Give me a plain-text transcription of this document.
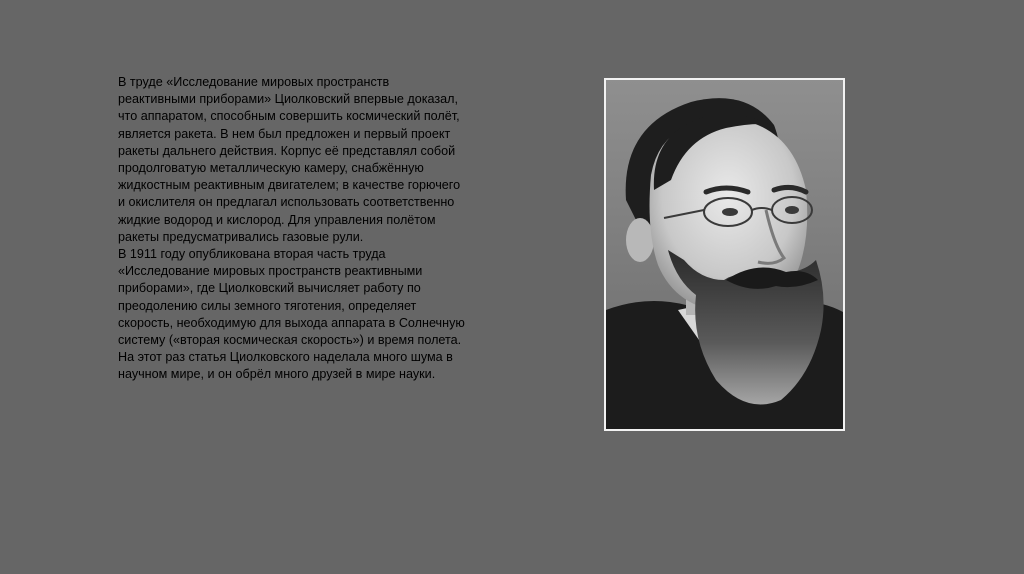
В труде «Исследование мировых пространств реактивными приборами» Циолковский впервые доказал, что аппаратом, способным совершить космический полёт, является ракета. В нем был предложен и первый проект ракеты дальнего действия. Корпус её представлял собой продолговатую металлическую камеру, снабжённую жидкостным реактивным двигателем; в качестве горючего и окислителя он предлагал использовать соответственно жидкие водород и кислород. Для управления полётом ракеты предусматривались газовые рули.

В 1911 году опубликована вторая часть труда «Исследование мировых пространств реактивными приборами», где Циолковский вычисляет работу по преодолению силы земного тяготения, определяет скорость, необходимую для выхода аппарата в Солнечную систему («вторая космическая скорость») и время полета. На этот раз статья Циолковского наделала много шума в научном мире, и он обрёл много друзей в мире науки.
